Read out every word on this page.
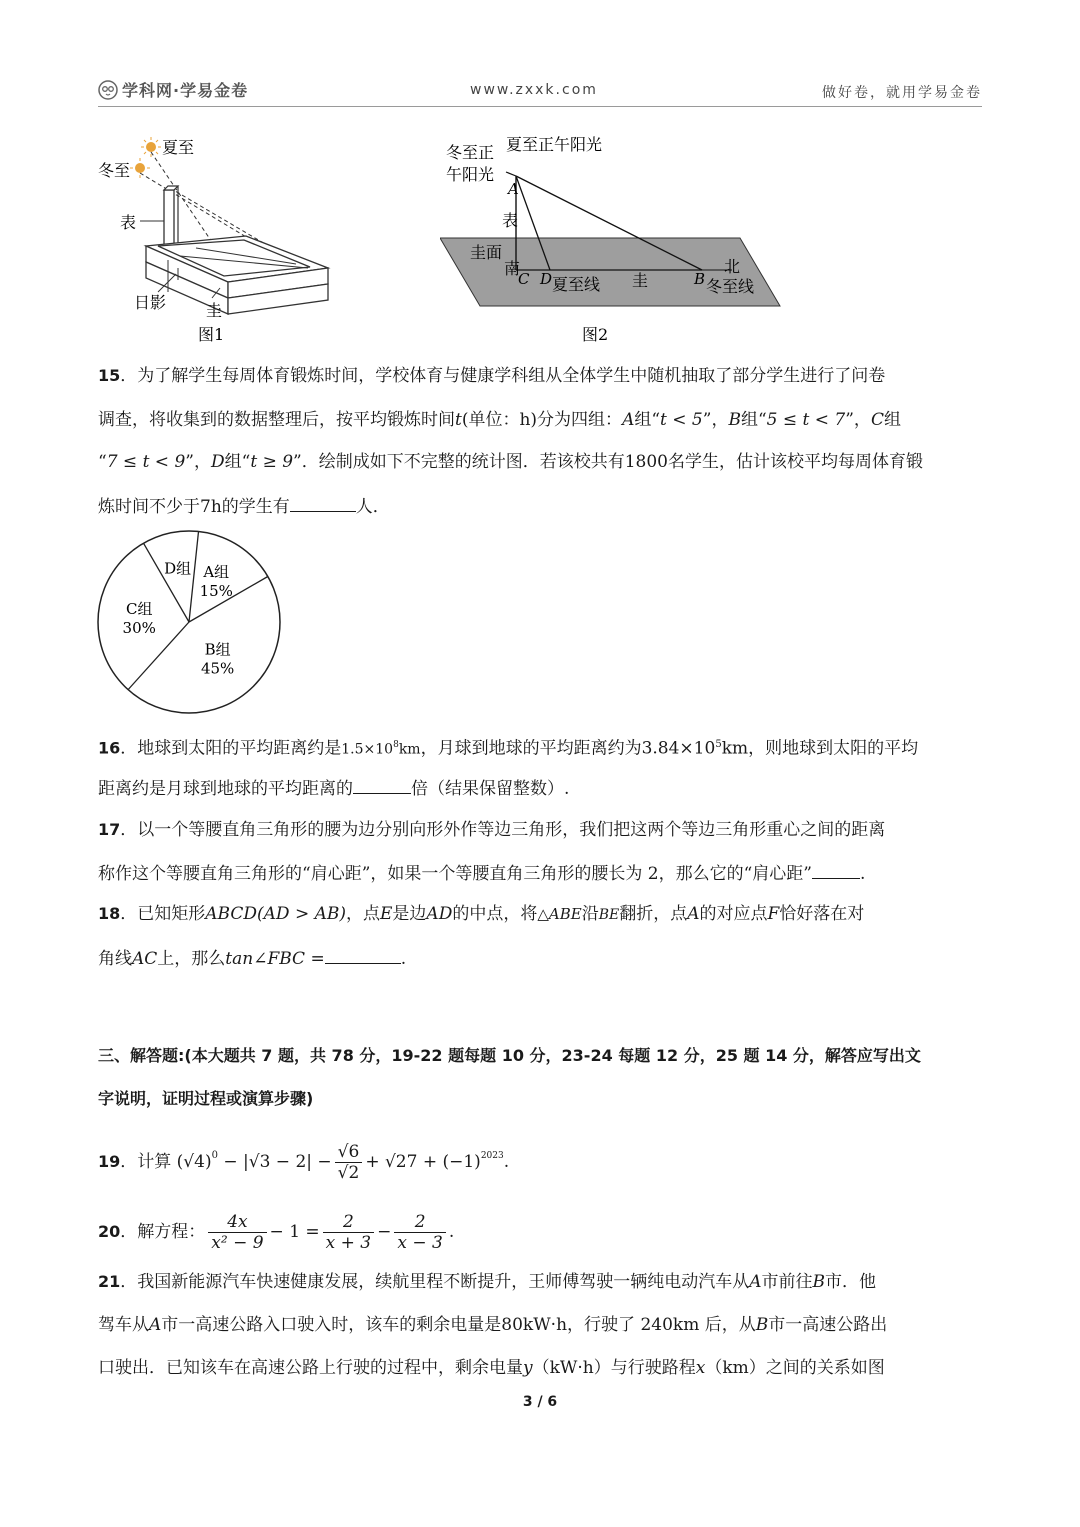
学科网·学易金卷	www.zxxk.com	做好卷，就用学易金卷
夏至
冬至
表
日影 圭
图1
冬至正
午阳光
夏至正午阳光
A
表
圭面
南
C D 夏至线 圭	B
北
冬至线
图2
15．为了解学生每周体育锻炼时间，学校体育与健康学科组从全体学生中随机抽取了部分学生进行了问卷
调查，将收集到的数据整理后，按平均锻炼时间t(单位：h)分为四组：A组“t < 5”，B组“5 ≤ t < 7”，C组
“7 ≤ t < 9”，D组“t ≥ 9”．绘制成如下不完整的统计图．若该校共有1800名学生，估计该校平均每周体育锻
炼时间不少于7h的学生有	人．
A组
15%
B组
45%
C组
30%
D组
16．地球到太阳的平均距离约是$1.5\times 10^8km$，月球到地球的平均距离约为$3.84\times 10^5km$，则地球到太阳的平均
距离约是月球到地球的平均距离的	倍（结果保留整数）.
17．以一个等腰直角三角形的腰为边分别向形外作等边三角形，我们把这两个等边三角形重心之间的距离
称作这个等腰直角三角形的“肩心距”，如果一个等腰直角三角形的腰长为 2，那么它的“肩心距”	.
18．已知矩形ABCD(AD > AB)，点E是边AD的中点，将△ABE沿BE翻折，点A的对应点F恰好落在对
角线AC上，那么tan∠FBC =	.
三、解答题:(本大题共 7 题，共 78 分，19-22 题每题 10 分，23-24 每题 12 分，25 题 14 分，解答应写出文
字说明，证明过程或演算步骤)
19 ．计算
$(√4)^0$
− $|√3 - 2| - \frac{√6}{√2} + √27 + (-1)^{2023}$ .
20 ．解方程： $\frac{4x}{\text{x² − 9}} - 1 = \frac{2}{x + 3} - \frac{2}{x - 3}$ .
21．我国新能源汽车快速健康发展，续航里程不断提升，王师傅驾驶一辆纯电动汽车从A市前往B市．他
驾车从A市一高速公路入口驶入时，该车的剩余电量是80kW·h，行驶了 240km 后，从B市一高速公路出
口驶出．已知该车在高速公路上行驶的过程中，剩余电量y（kW·h）与行驶路程x（km）之间的关系如图
3 / 6
